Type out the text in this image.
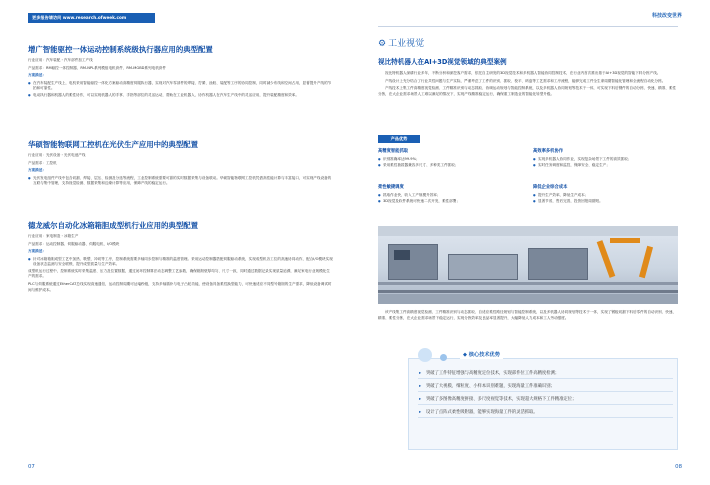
更多报告请访问 www.research.ofweek.com
增广智能驱控一体运动控制系统级执行器应用的典型配置
行业应用：汽车装配・汽车部件加工产线
产品需求：RM驱控一体控制器、RM-NPL系列模组电机套件、RM-MGBD系列电机套件
方案描述：
● 在汽车装配生产线上，电机采用智能驱控一体化方案驱动高精度伺服执行器，实现对汽车零部件的焊接、拧紧、涂胶、装配等工序的协同控制，同时减少布线和空间占用，显著提升产线的节拍和可靠性。
● 电动执行器和机器人的柔性协作，可以实现机器人的手掌、手指等部位的灵活运动，帮助在工业机器人、协作机器人在汽车生产线中的灵活应用，提升装配精度和效率。
华硕智能物联网工控机在光伏生产应用中的典型配置
行业应用：光伏设备・光伏电池产线
产品需求：工控机
方案描述：
● 光伏发电组件产线中包含切割、焊接、层压、检测及分选等流程，工业控制系统需要可靠的实时数据采集与设备联动。华硕智能物联网工控机凭借高性能计算与丰富接口，可实现产线设备的互联与集中管理，支持视觉检测、数据采集和边缘计算等应用，保障产线的稳定运行。
德龙威尔自动化冰箱箱胆成型机行业应用的典型配置
行业应用：家电制造・冰箱生产
产品需求：运动控制器、伺服驱动器、伺服电机、I/O模块
方案描述：
● 针对冰箱箱胆成型工艺中加热、吸塑、冲切等工序，控制系统需要多轴同步控制与精准的温度管理。采用运动控制器搭配伺服驱动系统，实现成型机各工位的高速协同动作，配合I/O模块实现设备状态监测与安全联锁，提升成型质量与生产效率。
成型机运行过程中，控制系统实时采集温度、压力及位置数据，通过闭环控制算法动态调整工艺参数，确保箱胆壁厚均匀、尺寸一致，同时通过数据记录实现质量追溯，满足家电行业规模化生产的需求。
PLC与伺服系统通过EtherCAT总线实现高速通信，运动控制周期可达毫秒级，支持多轴插补与电子凸轮功能，使设备具备柔性换型能力，可快速适应不同型号箱胆的生产需求，降低设备调试时间与维护成本。
07
科技改变世界
⚙ 工业视觉
视比特机器人在AI+3D视觉领域的典型案例

视比特机器人深耕行业多年，不断分析和深挖客户需求，依托自主研发的3D视觉技术和多机器人智能协同控制技术，在行业内首次推出基于AI+3D视觉的智能下料分拣产线。

产线设计上充分结合了行业共性问题与生产实际，严谨考虑了工件的识别、抓取、校平、码盘等工艺需求和工序流程，能够完成工件全生命周期智能化管理和全流程自动化分拣。

产线技术上集工件高精度视觉检测、工件精准识别与动态抓取、协调运动规划与智能控制系统，以及多机器人协同规划等技术于一体，可实现下料后钢件的自动分拣、快速、精准、柔性分拣，在大企业需求场景人工难以满足的情况下，实现产线精准稳定运行，确保重工制造业的智能化转型升级。

产品优势
高精度智能抓取
● 识别准确率达99.9%；
● 采用柔性抽拔器兼容多尺寸、多种类工件抓取；
高效率多机协作
● 实现多机器人协同作业，实现复杂场景下工件的高效抓取；
● 实时任务调度和监控，保障安全、稳定生产；
柔性敏捷调度
● 抓取作业快，收入工产规模升效率；
● 3D视觉及软件系统可快速二次开发，柔性部署；
降低企业综合成本
● 提升生产效率，降低生产成本；
● 显著节省，售后完善，投资回报周期短。
该产线集工件高精度视觉检测、工件精准识别与动态抓取、自适应柔性路径规划与智能控制系统，以及多机器人协同规划等技术于一体，实现了钢板切割下料后零件的自动识别、快速、精准、柔性分拣，在大企业需求场景下稳定运行，实现分拣效率及良品率显著提升，大幅降低人力成本和工人劳动强度。
◆ 核心技术优势
▸ 突破了工件特征增强与高精度定位技术，实现部件位工件高精度检测；
▸ 突破了大视模、细粒度、小样本识别难题，实现海量工件准确识别；
▸ 突破了多图像高精度拼接、多尺度视觉等技术，实现超大规格下工件精准定位；
▸ 设计了点阵式柔性吸附器，能够实现海量工件的灵活抓取。
08
